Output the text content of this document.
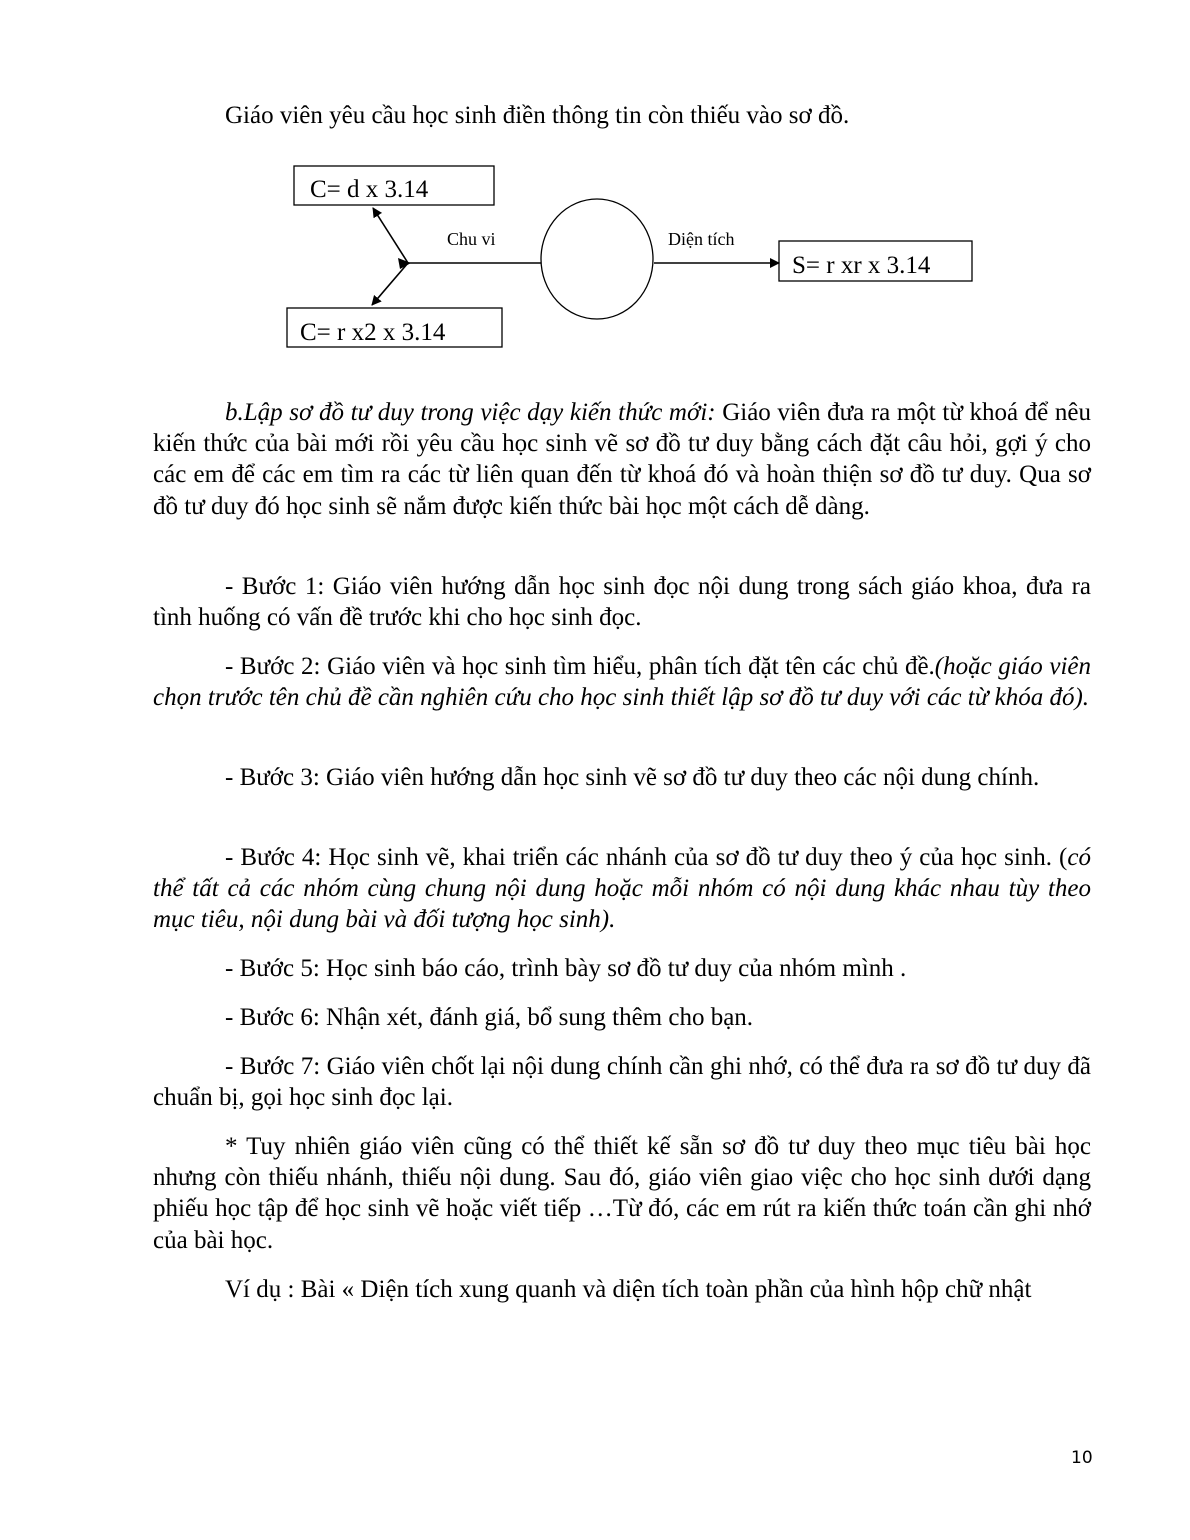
Giáo viên yêu cầu học sinh điền thông tin còn thiếu vào sơ đồ.
C= d x 3.14
C= r x2 x 3.14
S= r xr x 3.14
Chu vi	Diện tích
b.Lập sơ đồ tư duy trong việc dạy kiến thức mới: Giáo viên đưa ra một từ khoá để nêu kiến thức của bài mới rồi yêu cầu học sinh vẽ sơ đồ tư duy bằng cách đặt câu hỏi, gợi ý cho các em để các em tìm ra các từ liên quan đến từ khoá đó và hoàn thiện sơ đồ tư duy. Qua sơ đồ tư duy đó học sinh sẽ nắm được kiến thức bài học một cách dễ dàng.
- Bước 1: Giáo viên hướng dẫn học sinh đọc nội dung trong sách giáo khoa, đưa ra tình huống có vấn đề trước khi cho học sinh đọc.
- Bước 2: Giáo viên và học sinh tìm hiểu, phân tích đặt tên các chủ đề.(hoặc giáo viên chọn trước tên chủ đề cần nghiên cứu cho học sinh thiết lập sơ đồ tư duy với các từ khóa đó).
- Bước 3: Giáo viên hướng dẫn học sinh vẽ sơ đồ tư duy theo các nội dung chính.
- Bước 4: Học sinh vẽ, khai triển các nhánh của sơ đồ tư duy theo ý của học sinh. (có thể tất cả các nhóm cùng chung nội dung hoặc mỗi nhóm có nội dung khác nhau tùy theo mục tiêu, nội dung bài và đối tượng học sinh).
- Bước 5: Học sinh báo cáo, trình bày sơ đồ tư duy của nhóm mình .
- Bước 6: Nhận xét, đánh giá, bổ sung thêm cho bạn.
- Bước 7: Giáo viên chốt lại nội dung chính cần ghi nhớ, có thể đưa ra sơ đồ tư duy đã chuẩn bị, gọi học sinh đọc lại.
* Tuy nhiên giáo viên cũng có thể thiết kế sẵn sơ đồ tư duy theo mục tiêu bài học nhưng còn thiếu nhánh, thiếu nội dung. Sau đó, giáo viên giao việc cho học sinh dưới dạng phiếu học tập để học sinh vẽ hoặc viết tiếp …Từ đó, các em rút ra kiến thức toán cần ghi nhớ của bài học.
Ví dụ : Bài « Diện tích xung quanh và diện tích toàn phần của hình hộp chữ nhật
10
